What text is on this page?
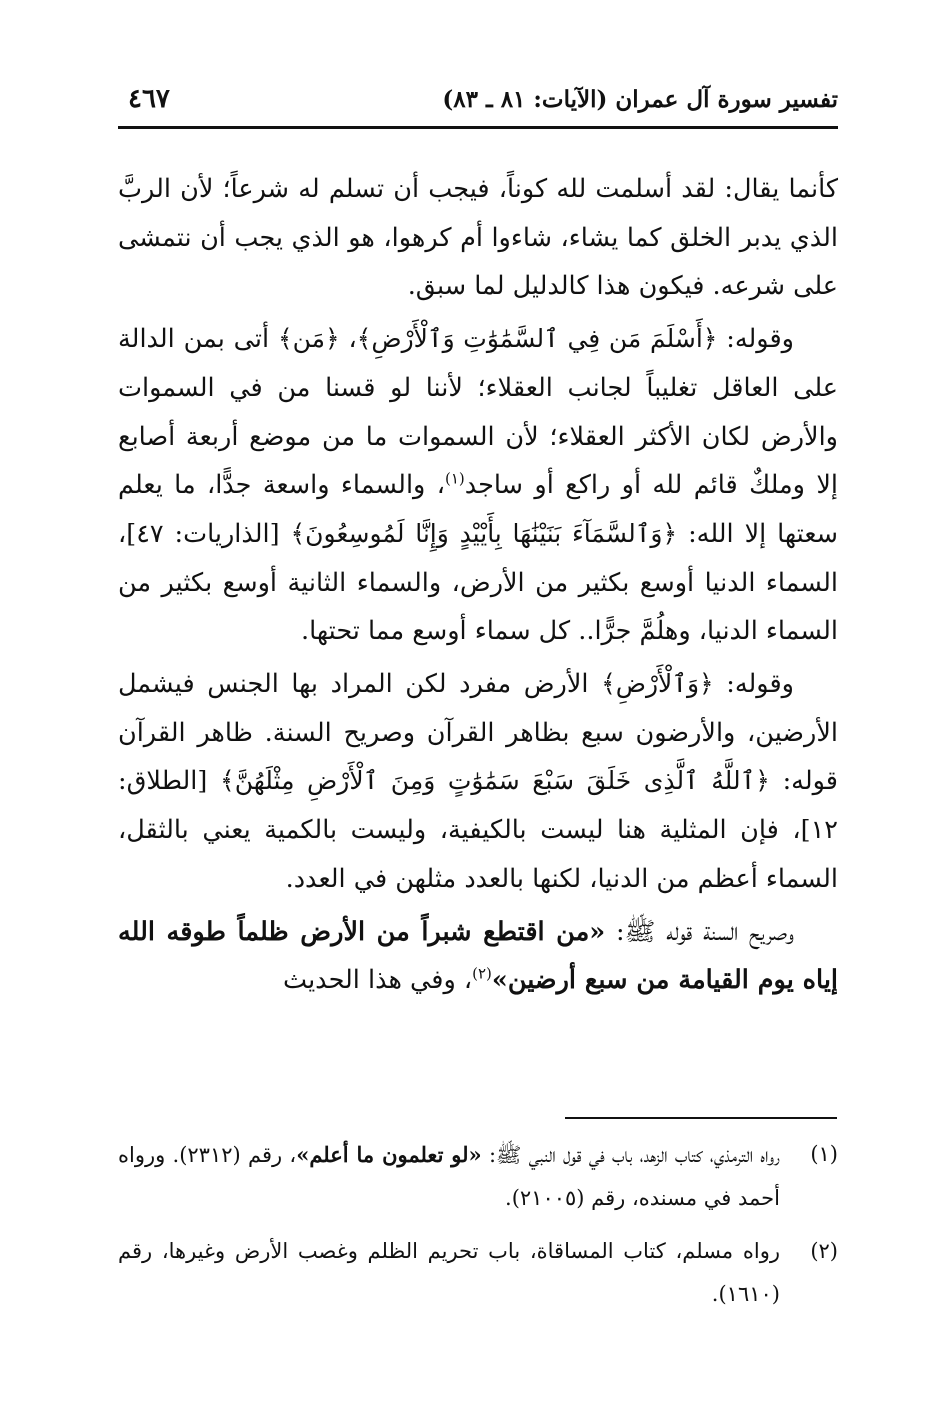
تفسير سورة آل عمران (الآيات: ٨١ ـ ٨٣)
٤٦٧

كأنما يقال: لقد أسلمت لله كوناً، فيجب أن تسلم له شرعاً؛ لأن الربَّ الذي يدبر الخلق كما يشاء، شاءوا أم كرهوا، هو الذي يجب أن نتمشى على شرعه. فيكون هذا كالدليل لما سبق.

وقوله: ﴿أَسْلَمَ مَن فِي ٱلسَّمَٰوَٰتِ وَٱلْأَرْضِ﴾، ﴿مَن﴾ أتى بمن الدالة على العاقل تغليباً لجانب العقلاء؛ لأننا لو قسنا من في السموات والأرض لكان الأكثر العقلاء؛ لأن السموات ما من موضع أربعة أصابع إلا وملكٌ قائم لله أو راكع أو ساجد$^{(١)}$، والسماء واسعة جدًّا، ما يعلم سعتها إلا الله: ﴿وَٱلسَّمَآءَ بَنَيْنَٰهَا بِأَيْيْدٍ وَإِنَّا لَمُوسِعُونَ﴾ [الذاريات: ٤٧]، السماء الدنيا أوسع بكثير من الأرض، والسماء الثانية أوسع بكثير من السماء الدنيا، وهلُمَّ جرًّا.. كل سماء أوسع مما تحتها.

وقوله: ﴿وَٱلْأَرْضِ﴾ الأرض مفرد لكن المراد بها الجنس فيشمل الأرضين، والأرضون سبع بظاهر القرآن وصريح السنة. ظاهر القرآن قوله: ﴿ٱللَّهُ ٱلَّذِى خَلَقَ سَبْعَ سَمَٰوَٰتٍ وَمِنَ ٱلْأَرْضِ مِثْلَهُنَّ﴾ [الطلاق: ١٢]، فإن المثلية هنا ليست بالكيفية، وليست بالكمية يعني بالثقل، السماء أعظم من الدنيا، لكنها بالعدد مثلهن في العدد.

وصريح السنة قوله ﷺ: «من اقتطع شبراً من الأرض ظلماً طوقه الله إياه يوم القيامة من سبع أرضين»$^{(٢)}$، وفي هذا الحديث

(١)
رواه الترمذي، كتاب الزهد، باب في قول النبي ﷺ: «لو تعلمون ما أعلم»، رقم (٢٣١٢). ورواه أحمد في مسنده، رقم (٢١٠٠٥).
(٢)
رواه مسلم، كتاب المساقاة، باب تحريم الظلم وغصب الأرض وغيرها، رقم (١٦١٠).
